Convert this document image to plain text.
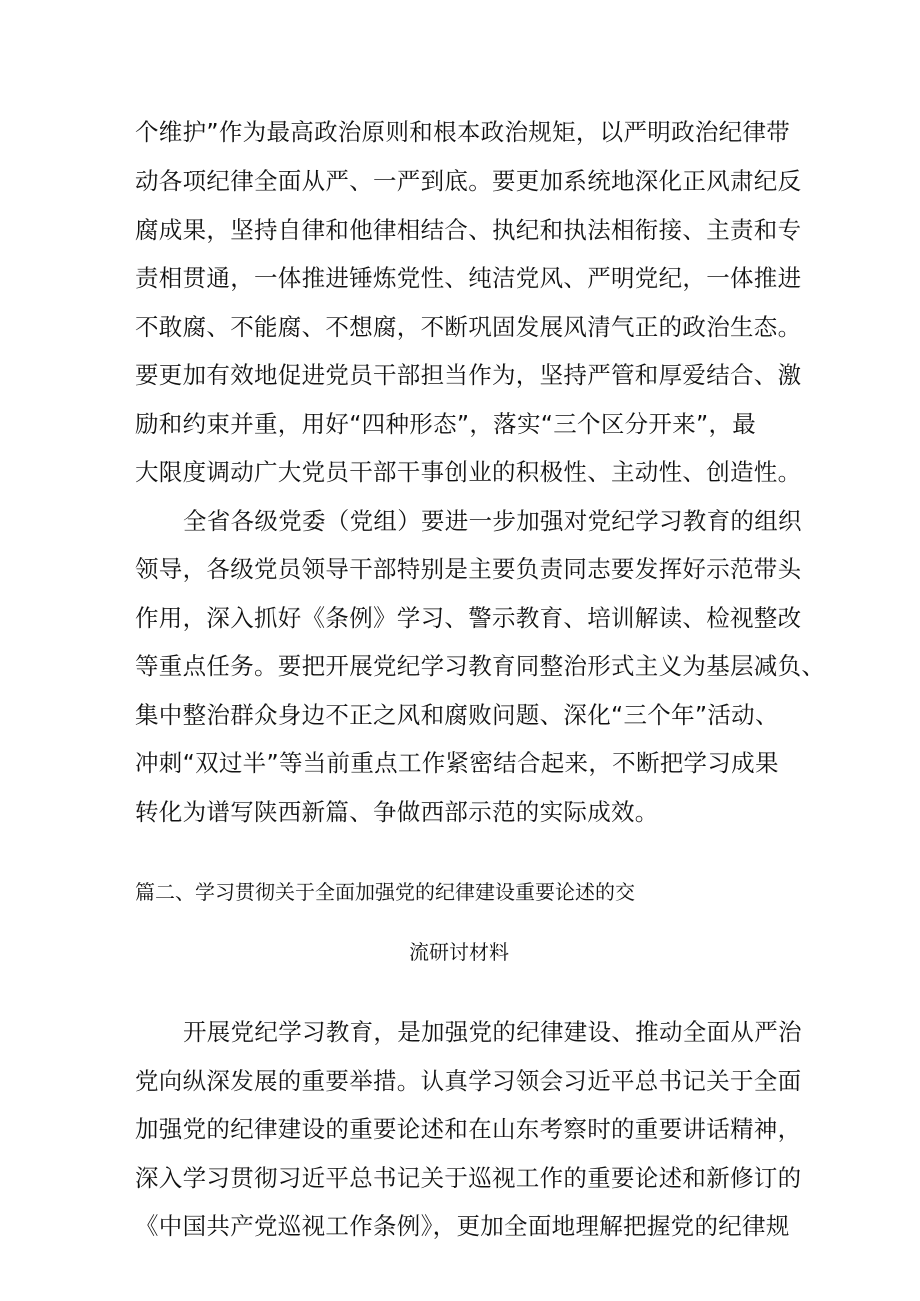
个维护”作为最高政治原则和根本政治规矩，以严明政治纪律带
动各项纪律全面从严、一严到底。要更加系统地深化正风肃纪反
腐成果，坚持自律和他律相结合、执纪和执法相衔接、主责和专
责相贯通，一体推进锤炼党性、纯洁党风、严明党纪，一体推进
不敢腐、不能腐、不想腐，不断巩固发展风清气正的政治生态。
要更加有效地促进党员干部担当作为，坚持严管和厚爱结合、激
励和约束并重，用好“四种形态”，落实“三个区分开来”，最
大限度调动广大党员干部干事创业的积极性、主动性、创造性。
全省各级党委（党组）要进一步加强对党纪学习教育的组织
领导，各级党员领导干部特别是主要负责同志要发挥好示范带头
作用，深入抓好《条例》学习、警示教育、培训解读、检视整改
等重点任务。要把开展党纪学习教育同整治形式主义为基层减负、
集中整治群众身边不正之风和腐败问题、深化“三个年”活动、
冲刺“双过半”等当前重点工作紧密结合起来，不断把学习成果
转化为谱写陕西新篇、争做西部示范的实际成效。
篇二、学习贯彻关于全面加强党的纪律建设重要论述的交
流研讨材料
开展党纪学习教育，是加强党的纪律建设、推动全面从严治
党向纵深发展的重要举措。认真学习领会习近平总书记关于全面
加强党的纪律建设的重要论述和在山东考察时的重要讲话精神，
深入学习贯彻习近平总书记关于巡视工作的重要论述和新修订的
《中国共产党巡视工作条例》，更加全面地理解把握党的纪律规
